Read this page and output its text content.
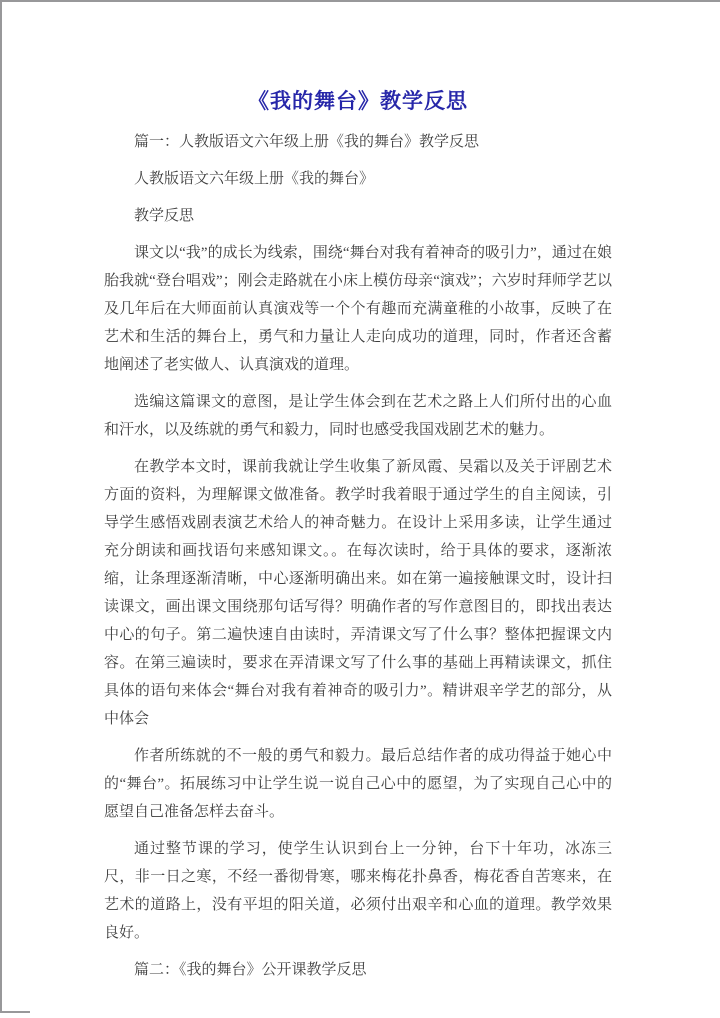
《我的舞台》教学反思

篇一：人教版语文六年级上册《我的舞台》教学反思

人教版语文六年级上册《我的舞台》

教学反思

课文以“我”的成长为线索，围绕“舞台对我有着神奇的吸引力”，通过在娘胎我就“登台唱戏”；刚会走路就在小床上模仿母亲“演戏”；六岁时拜师学艺以及几年后在大师面前认真演戏等一个个有趣而充满童稚的小故事，反映了在艺术和生活的舞台上，勇气和力量让人走向成功的道理，同时，作者还含蓄地阐述了老实做人、认真演戏的道理。

选编这篇课文的意图，是让学生体会到在艺术之路上人们所付出的心血和汗水，以及练就的勇气和毅力，同时也感受我国戏剧艺术的魅力。

在教学本文时，课前我就让学生收集了新凤霞、吴霜以及关于评剧艺术方面的资料，为理解课文做准备。教学时我着眼于通过学生的自主阅读，引导学生感悟戏剧表演艺术给人的神奇魅力。在设计上采用多读，让学生通过充分朗读和画找语句来感知课文。。在每次读时，给于具体的要求，逐渐浓缩，让条理逐渐清晰，中心逐渐明确出来。如在第一遍接触课文时，设计扫读课文，画出课文围绕那句话写得？明确作者的写作意图目的，即找出表达中心的句子。第二遍快速自由读时，弄清课文写了什么事？整体把握课文内容。在第三遍读时，要求在弄清课文写了什么事的基础上再精读课文，抓住具体的语句来体会“舞台对我有着神奇的吸引力”。精讲艰辛学艺的部分，从中体会

作者所练就的不一般的勇气和毅力。最后总结作者的成功得益于她心中的“舞台”。拓展练习中让学生说一说自己心中的愿望，为了实现自己心中的愿望自己准备怎样去奋斗。

通过整节课的学习，使学生认识到台上一分钟，台下十年功，冰冻三尺，非一日之寒，不经一番彻骨寒，哪来梅花扑鼻香，梅花香自苦寒来，在艺术的道路上，没有平坦的阳关道，必须付出艰辛和心血的道理。教学效果良好。

篇二：《我的舞台》公开课教学反思
